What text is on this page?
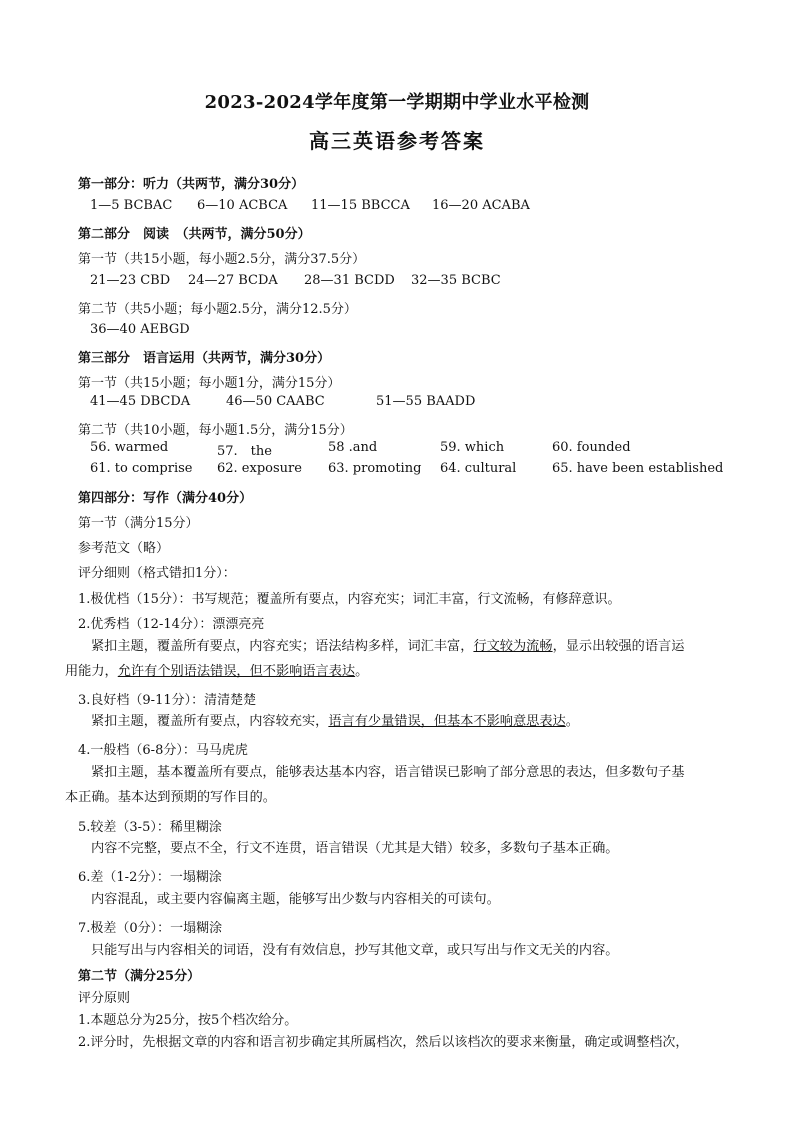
2023-2024学年度第一学期期中学业水平检测
高三英语参考答案
第一部分：听力（共两节，满分30分）
1—5 BCBAC 6—10 ACBCA 11—15 BBCCA 16—20 ACABA
第二部分　阅读　（共两节，满分50分）
第一节（共15小题，每小题2.5分，满分37.5分）
21—23 CBD 24—27 BCDA 28—31 BCDD 32—35 BCBC
第二节（共5小题；每小题2.5分，满分12.5分）
36—40 AEBGD
第三部分　语言运用（共两节，满分30分）
第一节（共15小题；每小题1分，满分15分）
41—45 DBCDA	46—50 CAABC	51—55 BAADD
第二节（共10小题，每小题1.5分，满分15分）
56. warmed	57.　the	58 .and	59. which	60. founded
61. to comprise 62. exposure 63. promoting 64. cultural	65. have been established
第四部分：写作（满分40分）
第一节（满分15分）
参考范文（略）
评分细则（格式错扣1分）：
1.极优档（15分）：书写规范；覆盖所有要点，内容充实；词汇丰富，行文流畅，有修辞意识。
2.优秀档（12-14分）：漂漂亮亮
紧扣主题，覆盖所有要点，内容充实；语法结构多样，词汇丰富，行文较为流畅，显示出较强的语言运
用能力，允许有个别语法错误，但不影响语言表达。
3.良好档（9-11分）：清清楚楚
紧扣主题，覆盖所有要点，内容较充实，语言有少量错误，但基本不影响意思表达。
4.一般档（6-8分）：马马虎虎
紧扣主题，基本覆盖所有要点，能够表达基本内容，语言错误已影响了部分意思的表达，但多数句子基
本正确。基本达到预期的写作目的。
5.较差（3-5）：稀里糊涂
内容不完整，要点不全，行文不连贯，语言错误（尤其是大错）较多，多数句子基本正确。
6.差（1-2分）：一塌糊涂
内容混乱，或主要内容偏离主题，能够写出少数与内容相关的可读句。
7.极差（0分）：一塌糊涂
只能写出与内容相关的词语，没有有效信息，抄写其他文章，或只写出与作文无关的内容。
第二节（满分25分）
评分原则
1.本题总分为25分，按5个档次给分。
2.评分时，先根据文章的内容和语言初步确定其所属档次，然后以该档次的要求来衡量，确定或调整档次，
